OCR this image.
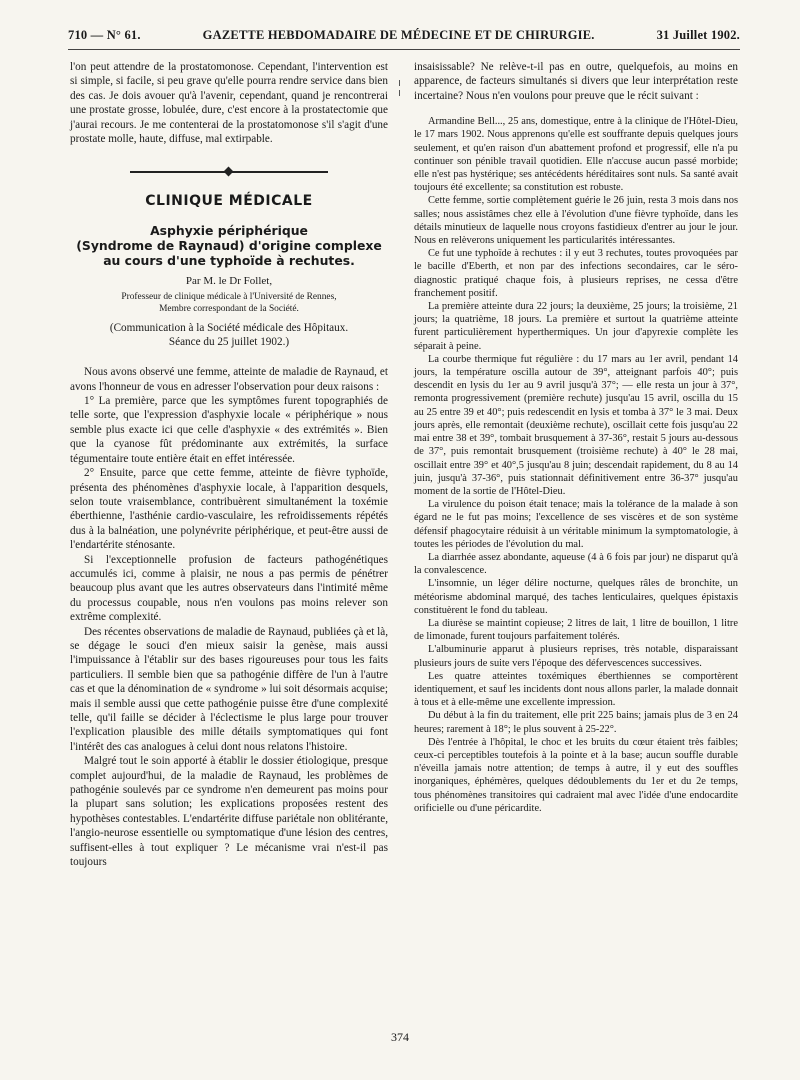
710 — N° 61.	GAZETTE HEBDOMADAIRE DE MÉDECINE ET DE CHIRURGIE.	31 Juillet 1902.

l'on peut attendre de la prostatomonose. Cependant, l'intervention est si simple, si facile, si peu grave qu'elle pourra rendre service dans bien des cas. Je dois avouer qu'à l'avenir, cependant, quand je rencontrerai une prostate grosse, lobulée, dure, c'est encore à la prostatectomie que j'aurai recours. Je me contenterai de la prostatomonose s'il s'agit d'une prostate molle, haute, diffuse, mal extirpable.

CLINIQUE MÉDICALE
Asphyxie périphérique
(Syndrome de Raynaud) d'origine complexe
au cours d'une typhoïde à rechutes.
Par M. le Dr Follet,
Professeur de clinique médicale à l'Université de Rennes,
Membre correspondant de la Société.
(Communication à la Société médicale des Hôpitaux.
Séance du 25 juillet 1902.)

Nous avons observé une femme, atteinte de maladie de Raynaud, et avons l'honneur de vous en adresser l'observation pour deux raisons :

1° La première, parce que les symptômes furent topographiés de telle sorte, que l'expression d'asphyxie locale « périphérique » nous semble plus exacte ici que celle d'asphyxie « des extrémités ». Bien que la cyanose fût prédominante aux extrémités, la surface tégumentaire toute entière était en effet intéressée.

2° Ensuite, parce que cette femme, atteinte de fièvre typhoïde, présenta des phénomènes d'asphyxie locale, à l'apparition desquels, selon toute vraisemblance, contribuèrent simultanément la toxémie éberthienne, l'asthénie cardio-vasculaire, les refroidissements répétés dus à la balnéation, une polynévrite périphérique, et peut-être aussi de l'endartérite sténosante.

Si l'exceptionnelle profusion de facteurs pathogénétiques accumulés ici, comme à plaisir, ne nous a pas permis de pénétrer beaucoup plus avant que les autres observateurs dans l'intimité même du processus coupable, nous n'en voulons pas moins relever son extrême complexité.

Des récentes observations de maladie de Raynaud, publiées çà et là, se dégage le souci d'en mieux saisir la genèse, mais aussi l'impuissance à l'établir sur des bases rigoureuses pour tous les faits particuliers. Il semble bien que sa pathogénie diffère de l'un à l'autre cas et que la dénomination de « syndrome » lui soit désormais acquise; mais il semble aussi que cette pathogénie puisse être d'une complexité telle, qu'il faille se décider à l'éclectisme le plus large pour trouver l'explication plausible des mille détails symptomatiques qui font l'intérêt des cas analogues à celui dont nous relatons l'histoire.

Malgré tout le soin apporté à établir le dossier étiologique, presque complet aujourd'hui, de la maladie de Raynaud, les problèmes de pathogénie soulevés par ce syndrome n'en demeurent pas moins pour la plupart sans solution; les explications proposées restent des hypothèses contestables. L'endartérite diffuse pariétale non oblitérante, l'angio-neurose essentielle ou symptomatique d'une lésion des centres, suffisent-elles à tout expliquer ? Le mécanisme vrai n'est-il pas toujours

insaisissable? Ne relève-t-il pas en outre, quelquefois, au moins en apparence, de facteurs simultanés si divers que leur interprétation reste incertaine? Nous n'en voulons pour preuve que le récit suivant :

Armandine Bell..., 25 ans, domestique, entre à la clinique de l'Hôtel-Dieu, le 17 mars 1902. Nous apprenons qu'elle est souffrante depuis quelques jours seulement, et qu'en raison d'un abattement profond et progressif, elle n'a pu continuer son pénible travail quotidien. Elle n'accuse aucun passé morbide; elle n'est pas hystérique; ses antécédents héréditaires sont nuls. Sa santé avait toujours été excellente; sa constitution est robuste.

Cette femme, sortie complètement guérie le 26 juin, resta 3 mois dans nos salles; nous assistâmes chez elle à l'évolution d'une fièvre typhoïde, dans les détails minutieux de laquelle nous croyons fastidieux d'entrer au jour le jour. Nous en relèverons uniquement les particularités intéressantes.

Ce fut une typhoïde à rechutes : il y eut 3 rechutes, toutes provoquées par le bacille d'Eberth, et non par des infections secondaires, car le séro-diagnostic pratiqué chaque fois, à plusieurs reprises, ne cessa d'être franchement positif.

La première atteinte dura 22 jours; la deuxième, 25 jours; la troisième, 21 jours; la quatrième, 18 jours. La première et surtout la quatrième atteinte furent particulièrement hyperthermiques. Un jour d'apyrexie complète les séparait à peine.

La courbe thermique fut régulière : du 17 mars au 1er avril, pendant 14 jours, la température oscilla autour de 39°, atteignant parfois 40°; puis descendit en lysis du 1er au 9 avril jusqu'à 37°; — elle resta un jour à 37°, remonta progressivement (première rechute) jusqu'au 15 avril, oscilla du 15 au 25 entre 39 et 40°; puis redescendit en lysis et tomba à 37° le 3 mai. Deux jours après, elle remontait (deuxième rechute), oscillait cette fois jusqu'au 22 mai entre 38 et 39°, tombait brusquement à 37-36°, restait 5 jours au-dessous de 37°, puis remontait brusquement (troisième rechute) à 40° le 28 mai, oscillait entre 39° et 40°,5 jusqu'au 8 juin; descendait rapidement, du 8 au 14 juin, jusqu'à 37-36°, puis stationnait définitivement entre 36-37° jusqu'au moment de la sortie de l'Hôtel-Dieu.

La virulence du poison était tenace; mais la tolérance de la malade à son égard ne le fut pas moins; l'excellence de ses viscères et de son système défensif phagocytaire réduisit à un véritable minimum la symptomatologie, à toutes les périodes de l'évolution du mal.

La diarrhée assez abondante, aqueuse (4 à 6 fois par jour) ne disparut qu'à la convalescence.

L'insomnie, un léger délire nocturne, quelques râles de bronchite, un météorisme abdominal marqué, des taches lenticulaires, quelques épistaxis constituèrent le fond du tableau.

La diurèse se maintint copieuse; 2 litres de lait, 1 litre de bouillon, 1 litre de limonade, furent toujours parfaitement tolérés.

L'albuminurie apparut à plusieurs reprises, très notable, disparaissant plusieurs jours de suite vers l'époque des défervescences successives.

Les quatre atteintes toxémiques éberthiennes se comportèrent identiquement, et sauf les incidents dont nous allons parler, la malade donnait à tous et à elle-même une excellente impression.

Du début à la fin du traitement, elle prit 225 bains; jamais plus de 3 en 24 heures; rarement à 18°; le plus souvent à 25-22°.

Dès l'entrée à l'hôpital, le choc et les bruits du cœur étaient très faibles; ceux-ci perceptibles toutefois à la pointe et à la base; aucun souffle durable n'éveilla jamais notre attention; de temps à autre, il y eut des souffles inorganiques, éphémères, quelques dédoublements du 1er et du 2e temps, tous phénomènes transitoires qui cadraient mal avec l'idée d'une endocardite orificielle ou d'une péricardite.

374
